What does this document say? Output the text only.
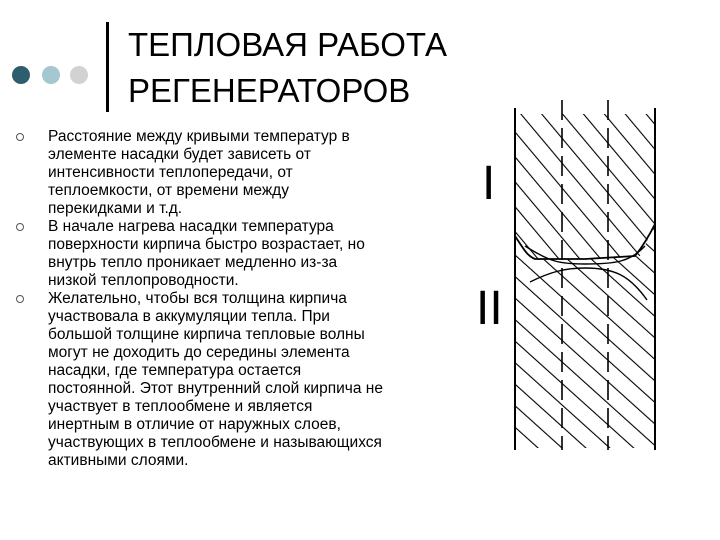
ТЕПЛОВАЯ РАБОТА
РЕГЕНЕРАТОРОВ
Расстояние между кривыми температур в
элементе насадки будет зависеть от
интенсивности теплопередачи, от
теплоемкости, от времени между
перекидками и т.д.
В начале нагрева насадки температура
поверхности кирпича быстро возрастает, но
внутрь тепло проникает медленно из-за
низкой теплопроводности.
Желательно, чтобы вся толщина кирпича
участвовала в аккумуляции тепла. При
большой толщине кирпича тепловые волны
могут не доходить до середины элемента
насадки, где температура остается
постоянной. Этот внутренний слой кирпича не
участвует в теплообмене и является
инертным в отличие от наружных слоев,
участвующих в теплообмене и называющихся
активными слоями.
I
II
